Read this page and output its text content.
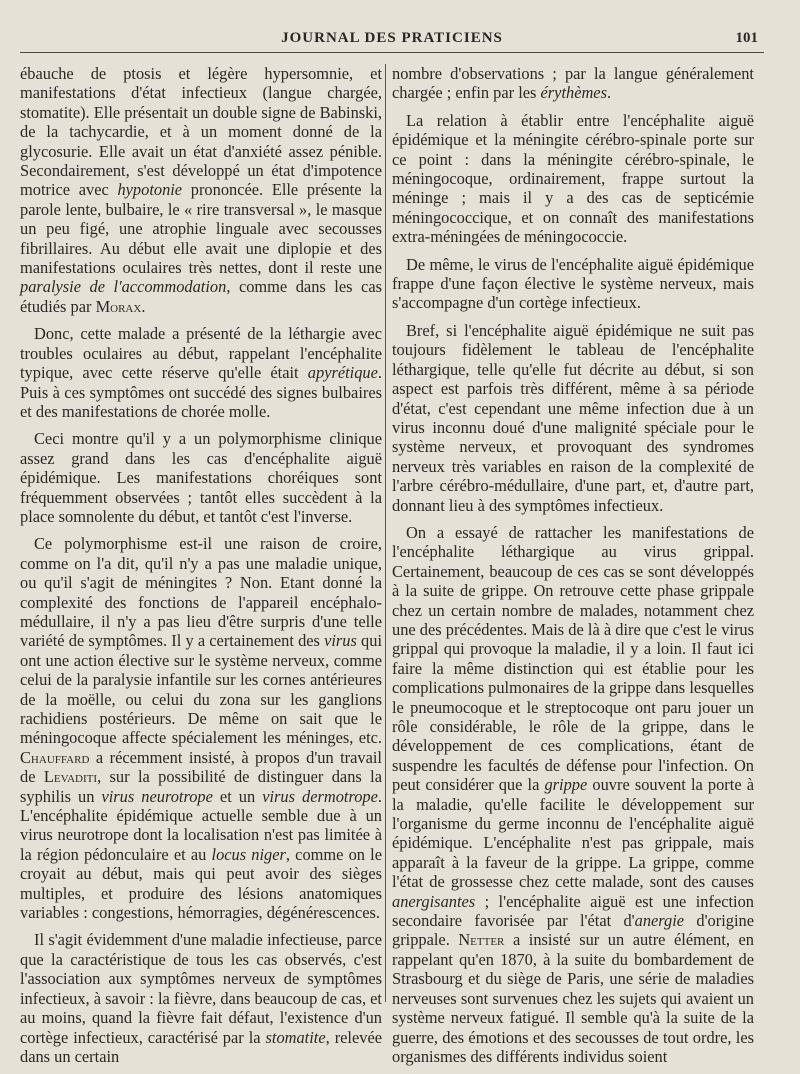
JOURNAL DES PRATICIENS	101

ébauche de ptosis et légère hypersomnie, et manifestations d'état infectieux (langue chargée, stomatite). Elle présentait un double signe de Babinski, de la tachycardie, et à un moment donné de la glycosurie. Elle avait un état d'anxiété assez pénible. Secondairement, s'est développé un état d'impotence motrice avec hypotonie prononcée. Elle présente la parole lente, bulbaire, le « rire transversal », le masque un peu figé, une atrophie linguale avec secousses fibrillaires. Au début elle avait une diplopie et des manifestations oculaires très nettes, dont il reste une paralysie de l'accommodation, comme dans les cas étudiés par Morax.

Donc, cette malade a présenté de la léthargie avec troubles oculaires au début, rappelant l'encéphalite typique, avec cette réserve qu'elle était apyrétique. Puis à ces symptômes ont succédé des signes bulbaires et des manifestations de chorée molle.

Ceci montre qu'il y a un polymorphisme clinique assez grand dans les cas d'encéphalite aiguë épidémique. Les manifestations choréiques sont fréquemment observées ; tantôt elles succèdent à la place somnolente du début, et tantôt c'est l'inverse.

Ce polymorphisme est-il une raison de croire, comme on l'a dit, qu'il n'y a pas une maladie unique, ou qu'il s'agit de méningites ? Non. Etant donné la complexité des fonctions de l'appareil encéphalo-médullaire, il n'y a pas lieu d'être surpris d'une telle variété de symptômes. Il y a certainement des virus qui ont une action élective sur le système nerveux, comme celui de la paralysie infantile sur les cornes antérieures de la moëlle, ou celui du zona sur les ganglions rachidiens postérieurs. De même on sait que le méningocoque affecte spécialement les méninges, etc. Chauffard a récemment insisté, à propos d'un travail de Levaditi, sur la possibilité de distinguer dans la syphilis un virus neurotrope et un virus dermotrope. L'encéphalite épidémique actuelle semble due à un virus neurotrope dont la localisation n'est pas limitée à la région pédonculaire et au locus niger, comme on le croyait au début, mais qui peut avoir des sièges multiples, et produire des lésions anatomiques variables : congestions, hémorragies, dégénérescences.

Il s'agit évidemment d'une maladie infectieuse, parce que la caractéristique de tous les cas observés, c'est l'association aux symptômes nerveux de symptômes infectieux, à savoir : la fièvre, dans beaucoup de cas, et au moins, quand la fièvre fait défaut, l'existence d'un cortège infectieux, caractérisé par la stomatite, relevée dans un certain

nombre d'observations ; par la langue généralement chargée ; enfin par les érythèmes.

La relation à établir entre l'encéphalite aiguë épidémique et la méningite cérébro-spinale porte sur ce point : dans la méningite cérébro-spinale, le méningocoque, ordinairement, frappe surtout la méninge ; mais il y a des cas de septicémie méningococcique, et on connaît des manifestations extra-méningées de méningococcie.

De même, le virus de l'encéphalite aiguë épidémique frappe d'une façon élective le système nerveux, mais s'accompagne d'un cortège infectieux.

Bref, si l'encéphalite aiguë épidémique ne suit pas toujours fidèlement le tableau de l'encéphalite léthargique, telle qu'elle fut décrite au début, si son aspect est parfois très différent, même à sa période d'état, c'est cependant une même infection due à un virus inconnu doué d'une malignité spéciale pour le système nerveux, et provoquant des syndromes nerveux très variables en raison de la complexité de l'arbre cérébro-médullaire, d'une part, et, d'autre part, donnant lieu à des symptômes infectieux.

On a essayé de rattacher les manifestations de l'encéphalite léthargique au virus grippal. Certainement, beaucoup de ces cas se sont développés à la suite de grippe. On retrouve cette phase grippale chez un certain nombre de malades, notamment chez une des précédentes. Mais de là à dire que c'est le virus grippal qui provoque la maladie, il y a loin. Il faut ici faire la même distinction qui est établie pour les complications pulmonaires de la grippe dans lesquelles le pneumocoque et le streptocoque ont paru jouer un rôle considérable, le rôle de la grippe, dans le développement de ces complications, étant de suspendre les facultés de défense pour l'infection. On peut considérer que la grippe ouvre souvent la porte à la maladie, qu'elle facilite le développement sur l'organisme du germe inconnu de l'encéphalite aiguë épidémique. L'encéphalite n'est pas grippale, mais apparaît à la faveur de la grippe. La grippe, comme l'état de grossesse chez cette malade, sont des causes anergisantes ; l'encéphalite aiguë est une infection secondaire favorisée par l'état d'anergie d'origine grippale. Netter a insisté sur un autre élément, en rappelant qu'en 1870, à la suite du bombardement de Strasbourg et du siège de Paris, une série de maladies nerveuses sont survenues chez les sujets qui avaient un système nerveux fatigué. Il semble qu'à la suite de la guerre, des émotions et des secousses de tout ordre, les organismes des différents individus soient
